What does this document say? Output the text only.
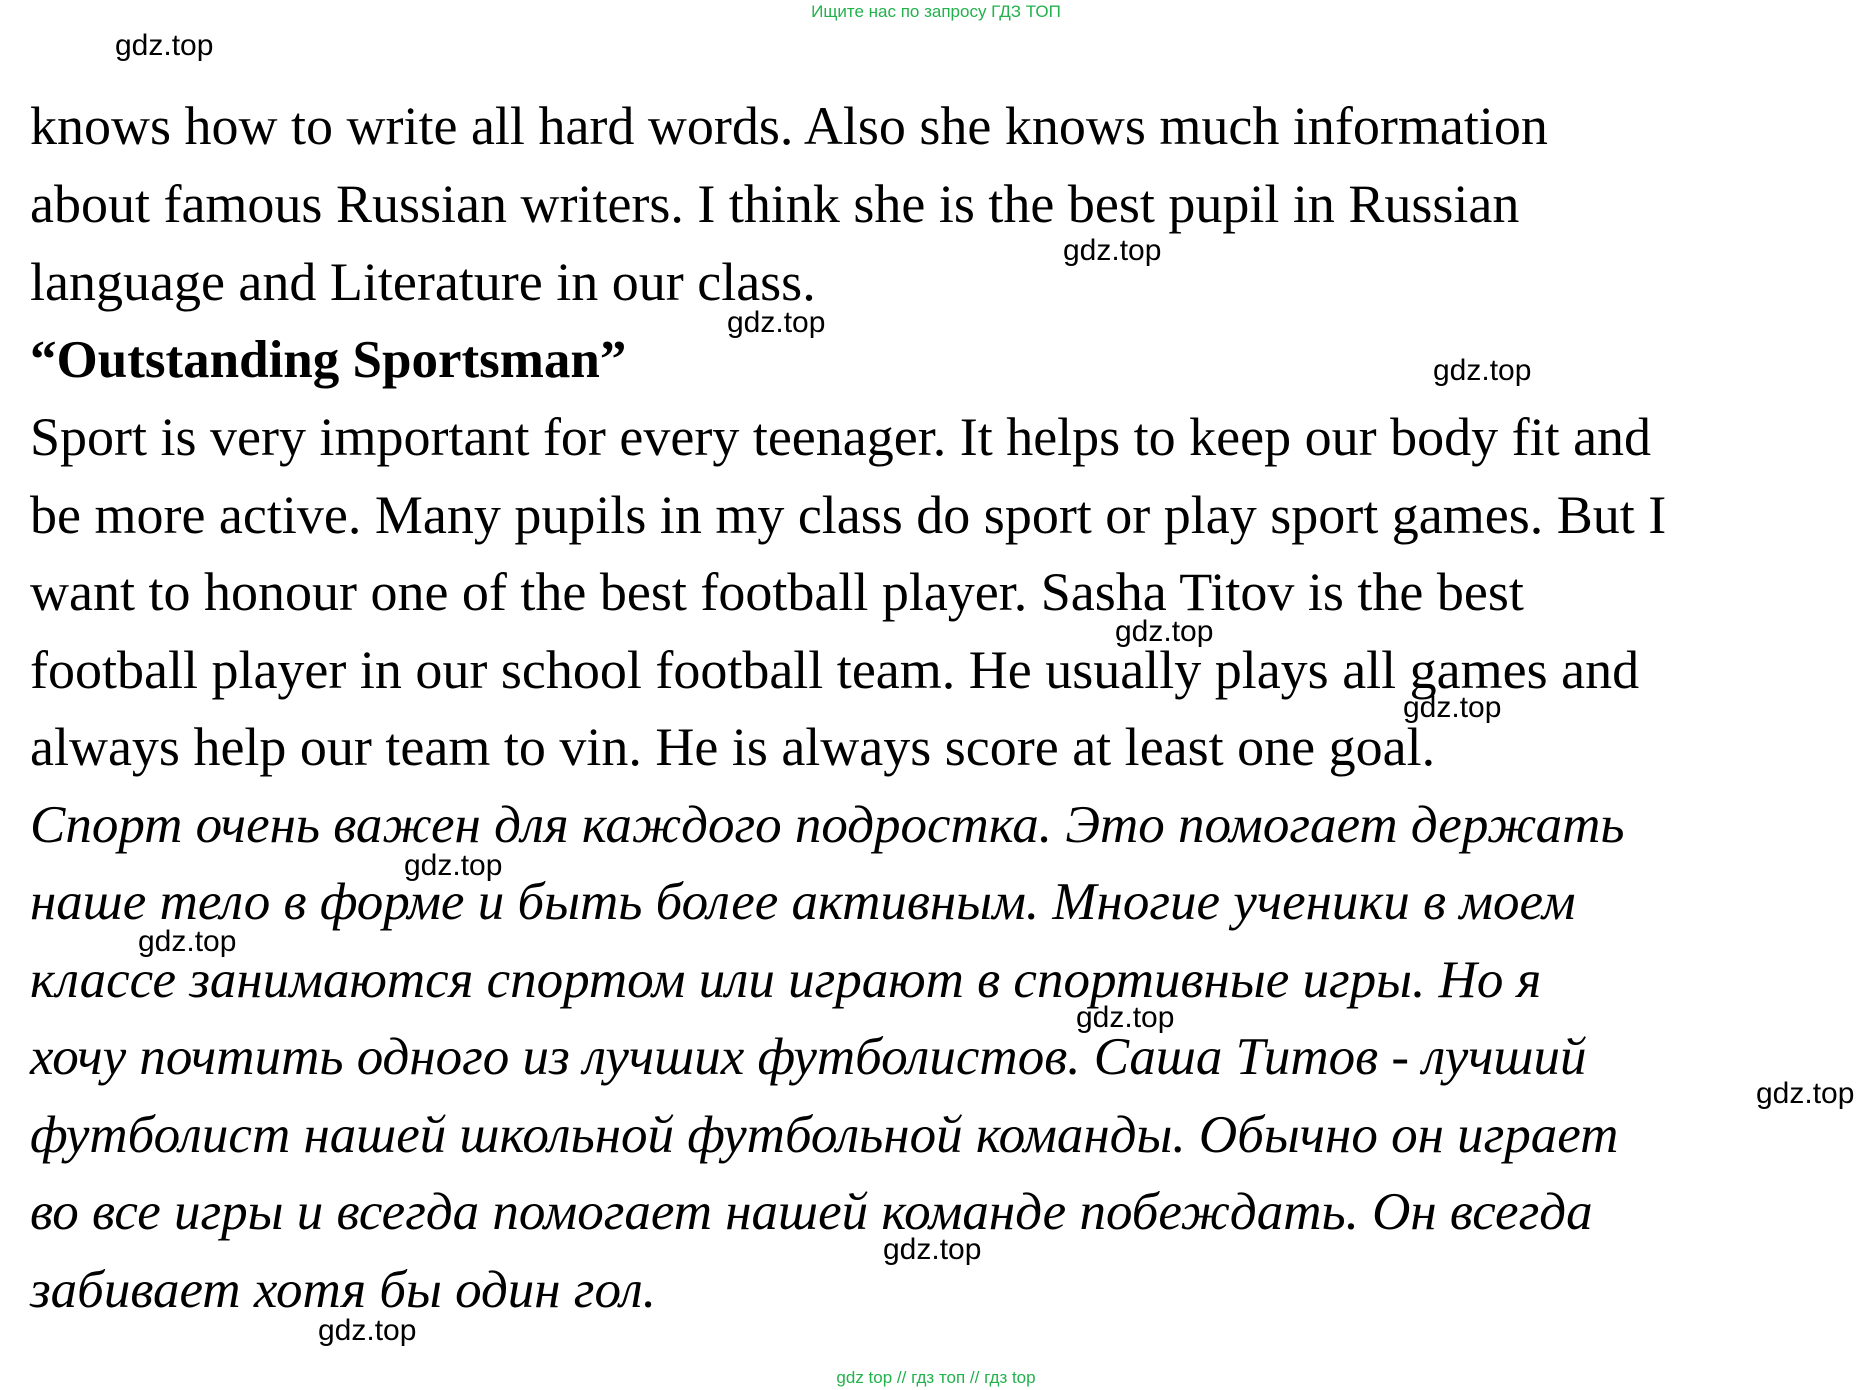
Ищите нас по запросу ГДЗ ТОП
knows how to write all hard words. Also she knows much information
about famous Russian writers. I think she is the best pupil in Russian
language and Literature in our class.
“Outstanding Sportsman”
Sport is very important for every teenager. It helps to keep our body fit and
be more active. Many pupils in my class do sport or play sport games. But I
want to honour one of the best football player. Sasha Titov is the best
football player in our school football team. He usually plays all games and
always help our team to vin. He is always score at least one goal.
Спорт очень важен для каждого подростка. Это помогает держать
наше тело в форме и быть более активным. Многие ученики в моем
классе занимаются спортом или играют в спортивные игры. Но я
хочу почтить одного из лучших футболистов. Саша Титов - лучший
футболист нашей школьной футбольной команды. Обычно он играет
во все игры и всегда помогает нашей команде побеждать. Он всегда
забивает хотя бы один гол.
gdz.top
gdz.top
gdz.top
gdz.top
gdz.top
gdz.top
gdz.top
gdz.top
gdz.top
gdz.top
gdz.top
gdz.top
gdz top // гдз топ // гдз top
